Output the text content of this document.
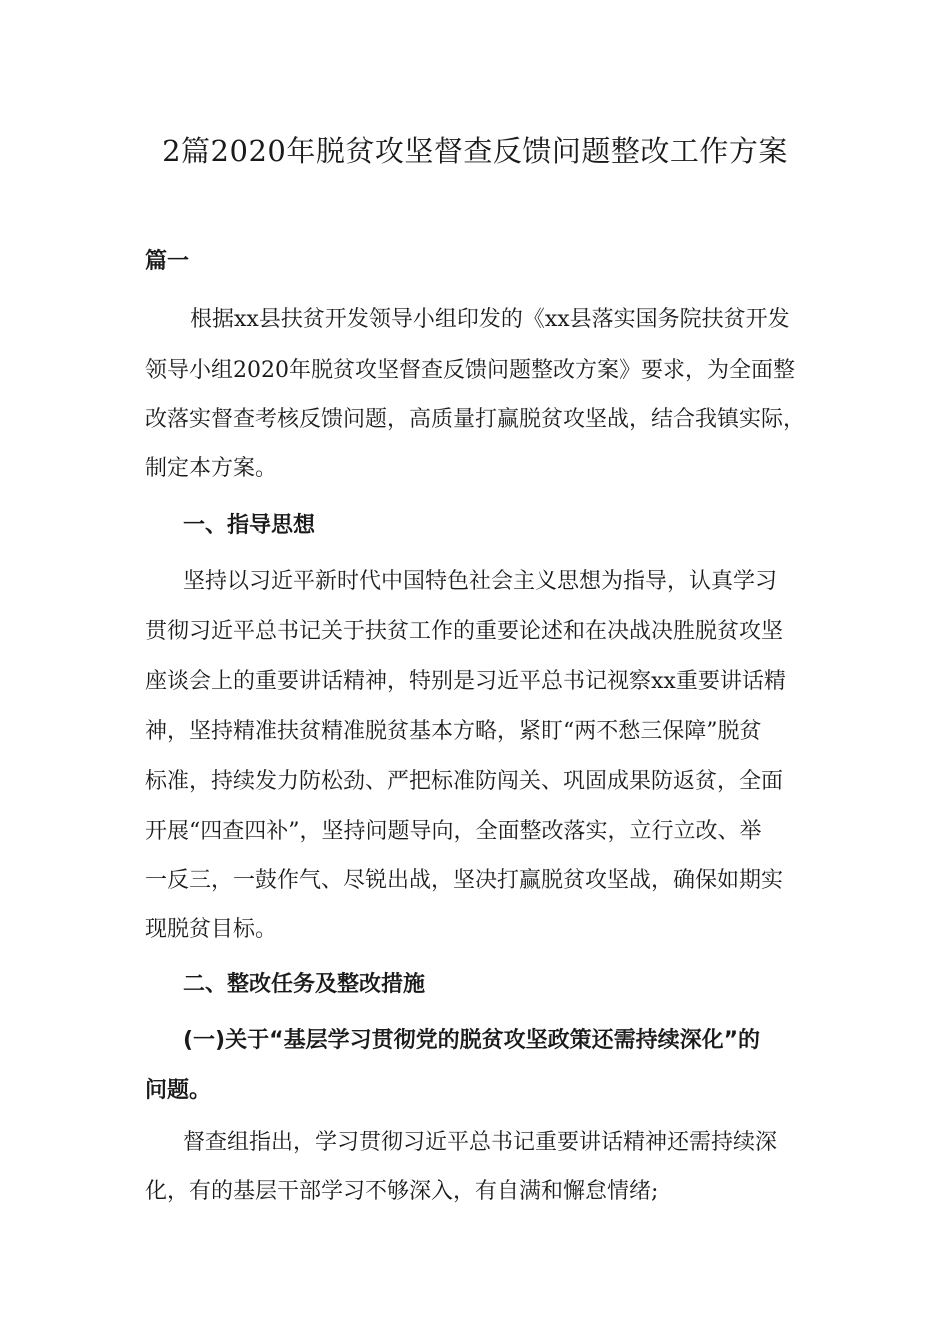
2篇2020年脱贫攻坚督查反馈问题整改工作方案

篇一

根据xx县扶贫开发领导小组印发的《xx县落实国务院扶贫开发

领导小组2020年脱贫攻坚督查反馈问题整改方案》要求，为全面整

改落实督查考核反馈问题，高质量打赢脱贫攻坚战，结合我镇实际，

制定本方案。

一、指导思想

坚持以习近平新时代中国特色社会主义思想为指导，认真学习

贯彻习近平总书记关于扶贫工作的重要论述和在决战决胜脱贫攻坚

座谈会上的重要讲话精神，特别是习近平总书记视察xx重要讲话精

神，坚持精准扶贫精准脱贫基本方略，紧盯“两不愁三保障”脱贫

标准，持续发力防松劲、严把标准防闯关、巩固成果防返贫，全面

开展“四查四补”，坚持问题导向，全面整改落实，立行立改、举

一反三，一鼓作气、尽锐出战，坚决打赢脱贫攻坚战，确保如期实

现脱贫目标。

二、整改任务及整改措施

(一)关于“基层学习贯彻党的脱贫攻坚政策还需持续深化”的

问题。

督查组指出，学习贯彻习近平总书记重要讲话精神还需持续深

化，有的基层干部学习不够深入，有自满和懈怠情绪;
